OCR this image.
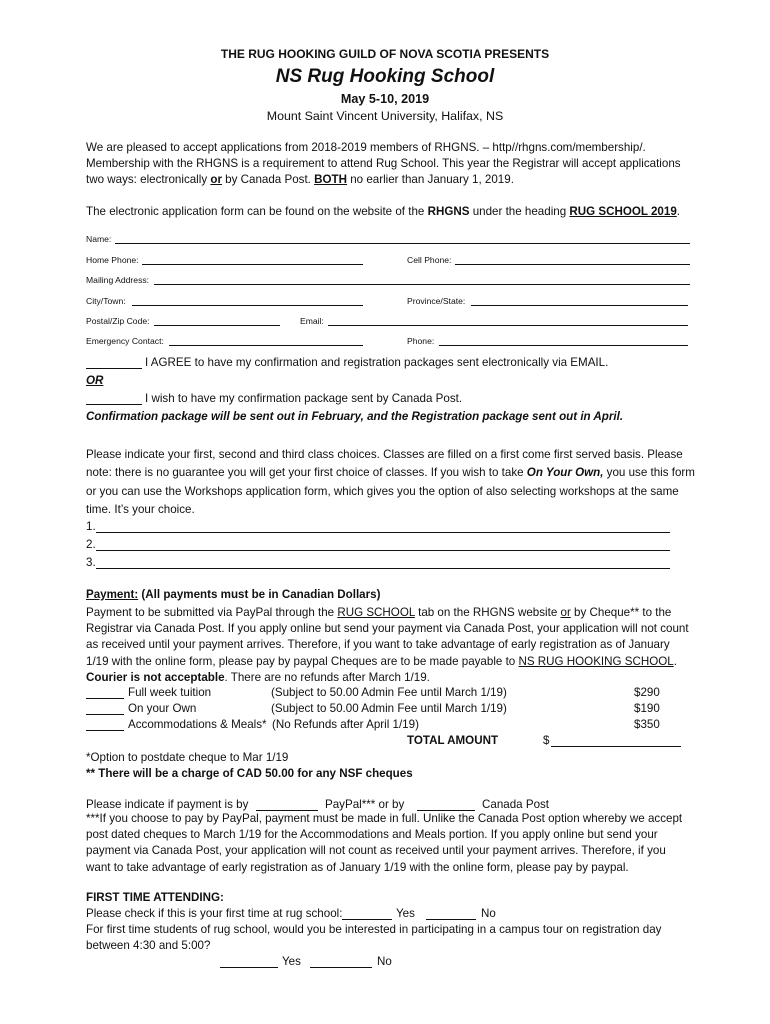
THE RUG HOOKING GUILD OF NOVA SCOTIA PRESENTS
NS Rug Hooking School
May 5-10, 2019
Mount Saint Vincent University, Halifax, NS
We are pleased to accept applications from 2018-2019 members of RHGNS. – http//rhgns.com/membership/.
Membership with the RHGNS is a requirement to attend Rug School. This year the Registrar will accept applications
two ways: electronically or by Canada Post. BOTH no earlier than January 1, 2019.
The electronic application form can be found on the website of the RHGNS under the heading RUG SCHOOL 2019.
Name:
Home Phone:	Cell Phone:
Mailing Address:
City/Town:	Province/State:
Postal/Zip Code:	Email:
Emergency Contact:	Phone:
I AGREE to have my confirmation and registration packages sent electronically via EMAIL.
OR
I wish to have my confirmation package sent by Canada Post.
Confirmation package will be sent out in February, and the Registration package sent out in April.
Please indicate your first, second and third class choices. Classes are filled on a first come first served basis. Please
note: there is no guarantee you will get your first choice of classes. If you wish to take On Your Own, you use this form
or you can use the Workshops application form, which gives you the option of also selecting workshops at the same
time. It’s your choice.
1.
2.
3.
Payment: (All payments must be in Canadian Dollars)
Payment to be submitted via PayPal through the RUG SCHOOL tab on the RHGNS website or by Cheque** to the
Registrar via Canada Post. If you apply online but send your payment via Canada Post, your application will not count
as received until your payment arrives. Therefore, if you want to take advantage of early registration as of January
1/19 with the online form, please pay by paypal Cheques are to be made payable to NS RUG HOOKING SCHOOL.
Courier is not acceptable. There are no refunds after March 1/19.
Full week tuition	(Subject to 50.00 Admin Fee until March 1/19)	$290
On your Own	(Subject to 50.00 Admin Fee until March 1/19)	$190
Accommodations & Meals* (No Refunds after April 1/19)	$350
TOTAL AMOUNT	$
*Option to postdate cheque to Mar 1/19
** There will be a charge of CAD 50.00 for any NSF cheques
Please indicate if payment is by	PayPal*** or by	Canada Post
***If you choose to pay by PayPal, payment must be made in full. Unlike the Canada Post option whereby we accept
post dated cheques to March 1/19 for the Accommodations and Meals portion. If you apply online but send your
payment via Canada Post, your application will not count as received until your payment arrives. Therefore, if you
want to take advantage of early registration as of January 1/19 with the online form, please pay by paypal.
FIRST TIME ATTENDING:
Please check if this is your first time at rug school:	Yes	No
For first time students of rug school, would you be interested in participating in a campus tour on registration day
between 4:30 and 5:00?
Yes	No
